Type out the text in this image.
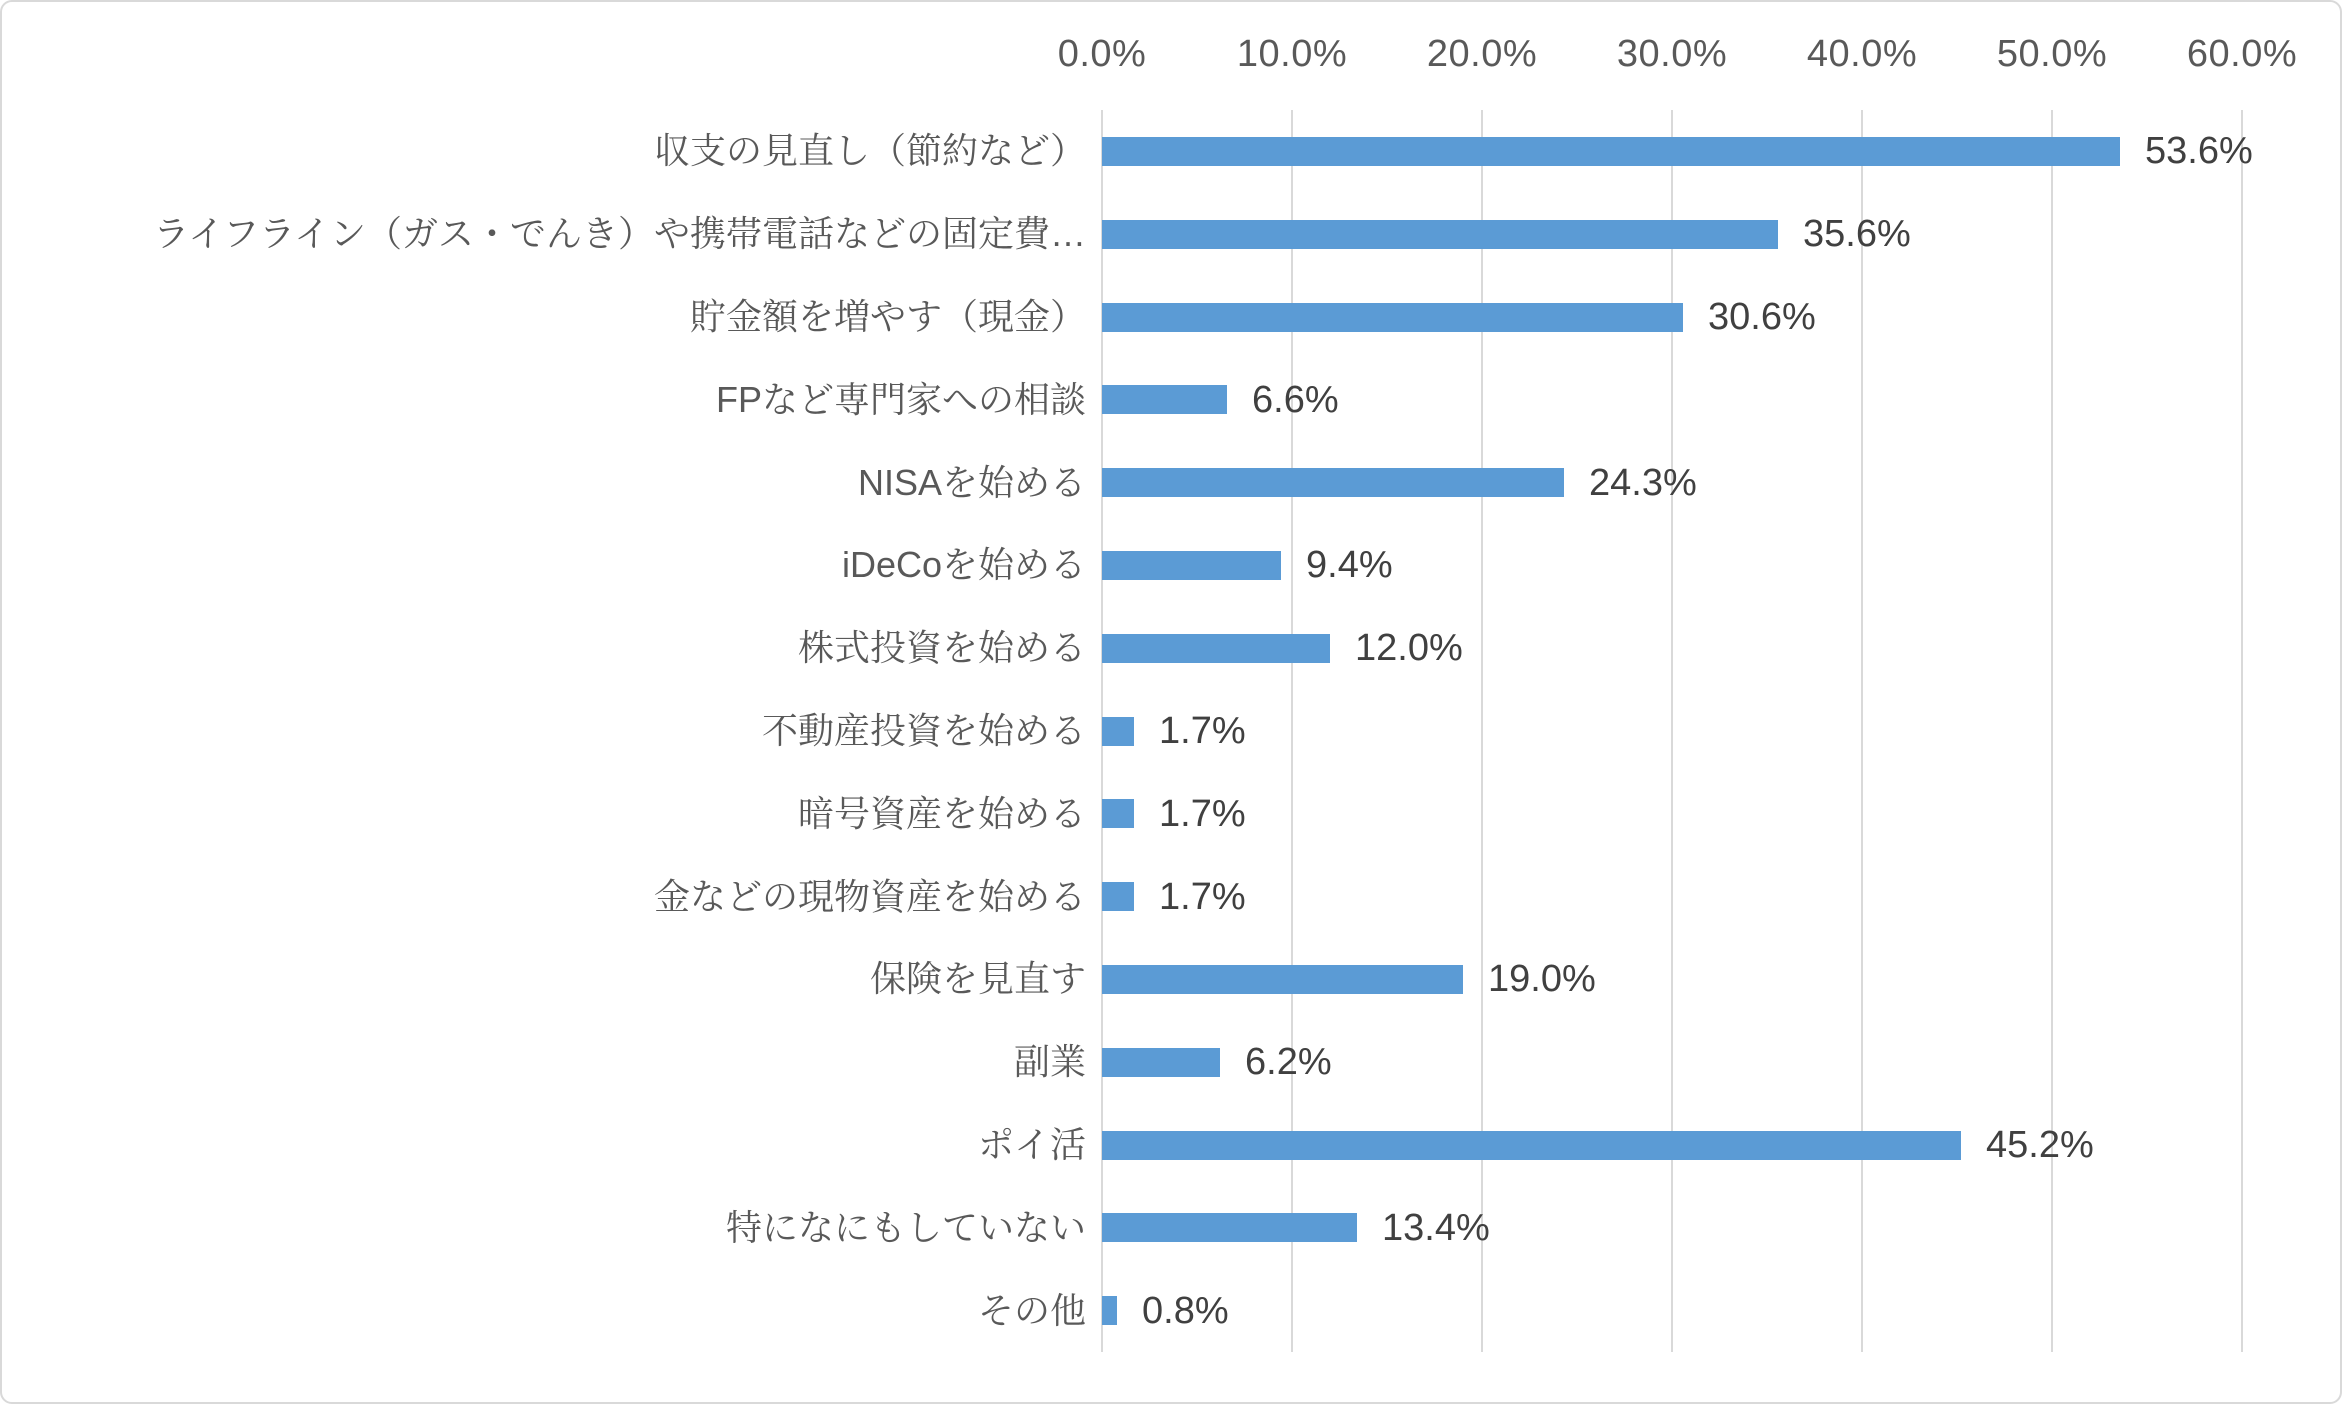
0.0%	10.0%	20.0%	30.0%	40.0%	50.0%	60.0%
収支の見直し（節約など）	53.6%
ライフライン（ガス・でんき）や携帯電話などの固定費…	35.6%
貯金額を増やす（現金）	30.6%
FPなど専門家への相談	6.6%
NISAを始める	24.3%
iDeCoを始める	9.4%
株式投資を始める	12.0%
不動産投資を始める 1.7%
暗号資産を始める 1.7%
金などの現物資産を始める 1.7%
保険を見直す	19.0%
副業	6.2%
ポイ活	45.2%
特になにもしていない	13.4%
その他 0.8%
